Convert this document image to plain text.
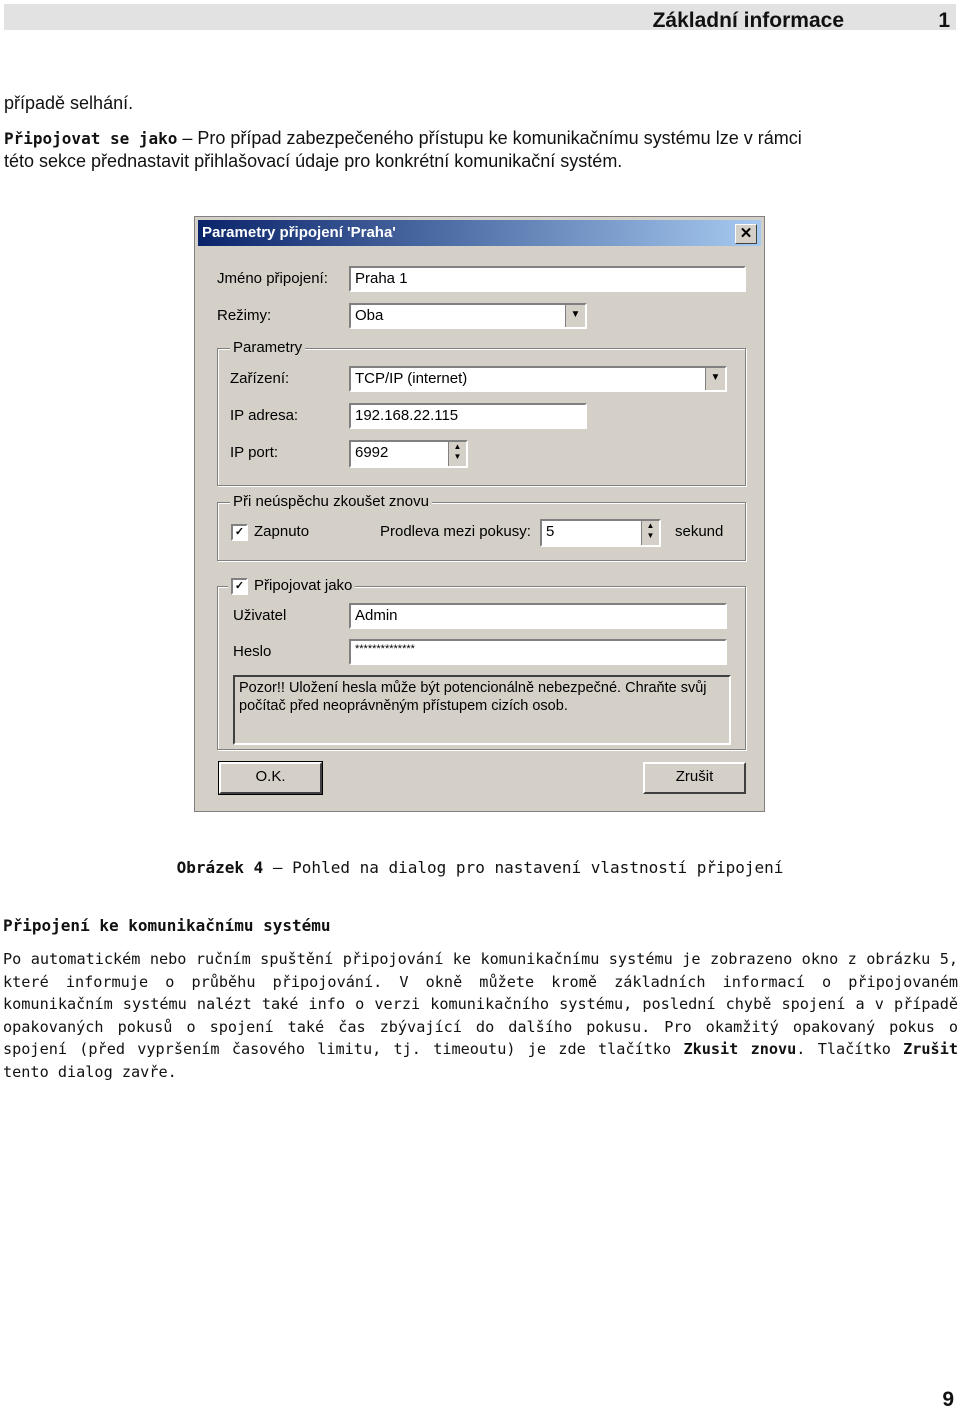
Základní informace	1
případě selhání.
Připojovat se jako – Pro případ zabezpečeného přístupu ke komunikačnímu systému lze v rámci
této sekce přednastavit přihlašovací údaje pro konkrétní komunikační systém.
Parametry připojení 'Praha'	✕
Jméno připojení:	Praha 1
Režimy:	Oba	▼
Parametry
Zařízení:	TCP/IP (internet)	▼
IP adresa:	192.168.22.115
IP port:	6992	▲
▼
Při neúspěchu zkoušet znovu
✓ Zapnuto	Prodleva mezi pokusy:	5	▲
▼	sekund
✓ Připojovat jako
Uživatel	Admin
Heslo	**************
Pozor!! Uložení hesla může být potencionálně nebezpečné. Chraňte svůj počítač před neoprávněným přístupem cizích osob.
O.K.	Zrušit
Obrázek 4 – Pohled na dialog pro nastavení vlastností připojení
Připojení ke komunikačnímu systému
Po automatickém nebo ručním spuštění připojování ke komunikačnímu systému je zobrazeno okno z obrázku 5, které informuje o průběhu připojování. V okně můžete kromě základních informací o připojovaném komunikačním systému nalézt také info o verzi komunikačního systému, poslední chybě spojení a v případě opakovaných pokusů o spojení také čas zbývající do dalšího pokusu. Pro okamžitý opakovaný pokus o spojení (před vypršením časového limitu, tj. timeoutu) je zde tlačítko Zkusit znovu. Tlačítko Zrušit tento dialog zavře.
9
